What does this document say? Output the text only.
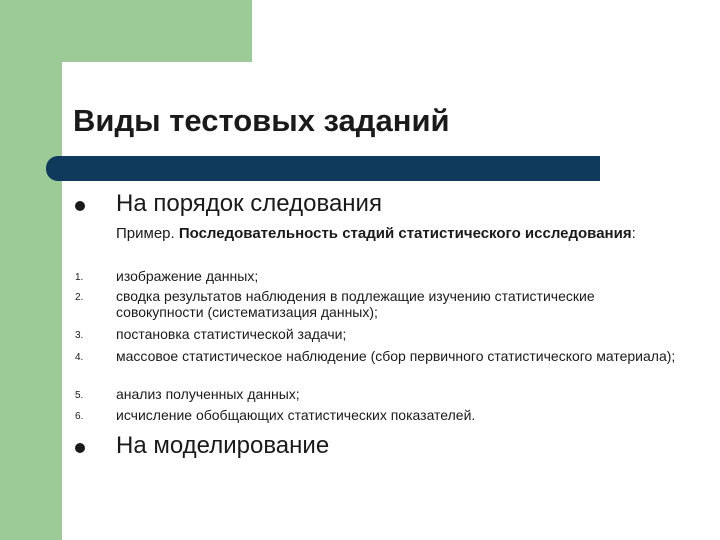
Виды тестовых заданий
На порядок следования
Пример. Последовательность стадий статистического исследования:
1. изображение данных;
2. сводка результатов наблюдения в подлежащие изучению статистические совокупности (систематизация данных);
3. постановка статистической задачи;
4. массовое статистическое наблюдение (сбор первичного статистического материала);
5. анализ полученных данных;
6. исчисление обобщающих статистических показателей.
На моделирование
